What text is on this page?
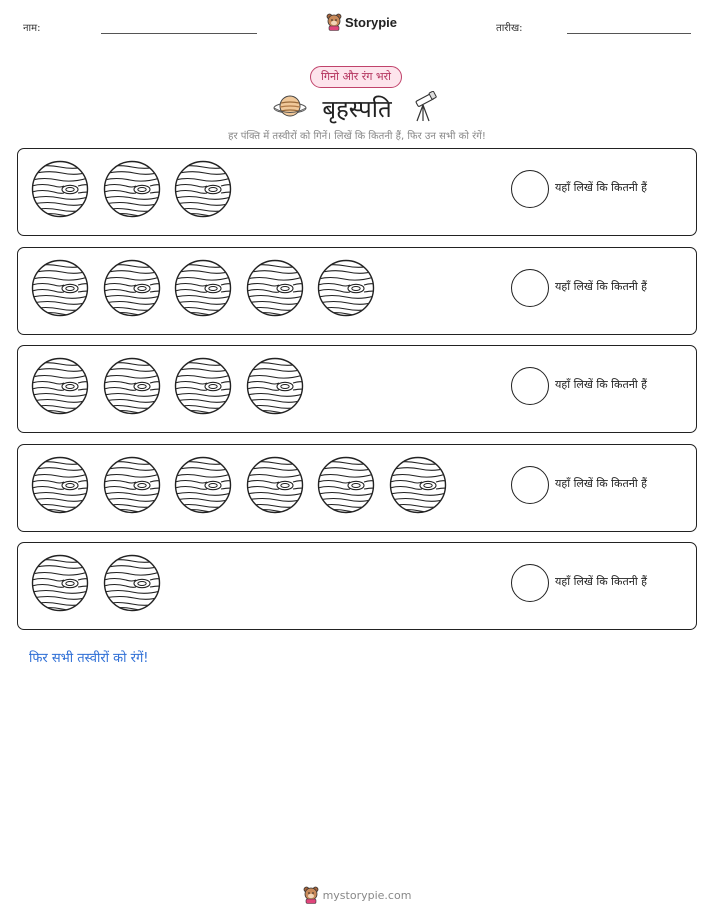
नाम:	Storypie	तारीख:
गिनो और रंग भरो
बृहस्पति
हर पंक्ति में तस्वीरों को गिनें। लिखें कि कितनी हैं, फिर उन सभी को रंगें!
यहाँ लिखें कि कितनी हैं
यहाँ लिखें कि कितनी हैं
यहाँ लिखें कि कितनी हैं
यहाँ लिखें कि कितनी हैं
यहाँ लिखें कि कितनी हैं
फिर सभी तस्वीरों को रंगें!
mystorypie.com
